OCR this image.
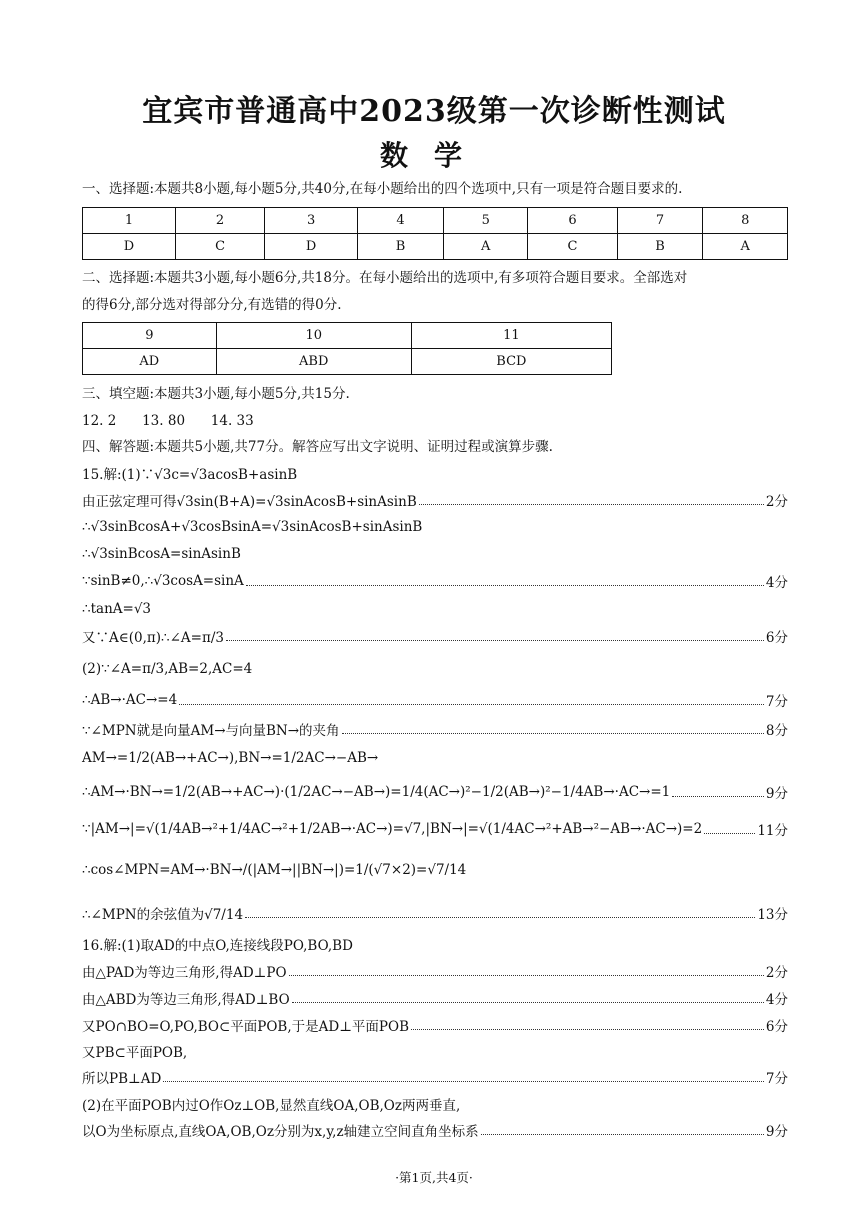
宜宾市普通高中2023级第一次诊断性测试
数学
一、选择题:本题共8小题,每小题5分,共40分,在每小题给出的四个选项中,只有一项是符合题目要求的.
1	2	3	4	5	6	7	8
D	C	D	B	A	C	B	A
二、选择题:本题共3小题,每小题6分,共18分。在每小题给出的选项中,有多项符合题目要求。全部选对
的得6分,部分选对得部分分,有选错的得0分.
9	10	11
AD	ABD	BCD
三、填空题:本题共3小题,每小题5分,共15分.
12. 2      13. 80      14. 33
四、解答题:本题共5小题,共77分。解答应写出文字说明、证明过程或演算步骤.
15.解:(1)∵√3c=√3acosB+asinB
由正弦定理可得√3sin(B+A)=√3sinAcosB+sinAsinB	2分
∴√3sinBcosA+√3cosBsinA=√3sinAcosB+sinAsinB
∴√3sinBcosA=sinAsinB
∵sinB≠0,∴√3cosA=sinA	4分
∴tanA=√3
又∵A∈(0,π)∴∠A=π/3	6分
(2)∵∠A=π/3,AB=2,AC=4
∴AB→·AC→=4	7分
∵∠MPN就是向量AM→与向量BN→的夹角	8分
AM→=1/2(AB→+AC→),BN→=1/2AC→−AB→
∴AM→·BN→=1/2(AB→+AC→)·(1/2AC→−AB→)=1/4(AC→)²−1/2(AB→)²−1/4AB→·AC→=1	9分
∵|AM→|=√(1/4AB→²+1/4AC→²+1/2AB→·AC→)=√7,|BN→|=√(1/4AC→²+AB→²−AB→·AC→)=2	11分
∴cos∠MPN=AM→·BN→/(|AM→||BN→|)=1/(√7×2)=√7/14
∴∠MPN的余弦值为√7/14	13分
16.解:(1)取AD的中点O,连接线段PO,BO,BD
由△PAD为等边三角形,得AD⊥PO	2分
由△ABD为等边三角形,得AD⊥BO	4分
又PO∩BO=O,PO,BO⊂平面POB,于是AD⊥平面POB	6分
又PB⊂平面POB,
所以PB⊥AD	7分
(2)在平面POB内过O作Oz⊥OB,显然直线OA,OB,Oz两两垂直,
以O为坐标原点,直线OA,OB,Oz分别为x,y,z轴建立空间直角坐标系	9分
·第1页,共4页·
